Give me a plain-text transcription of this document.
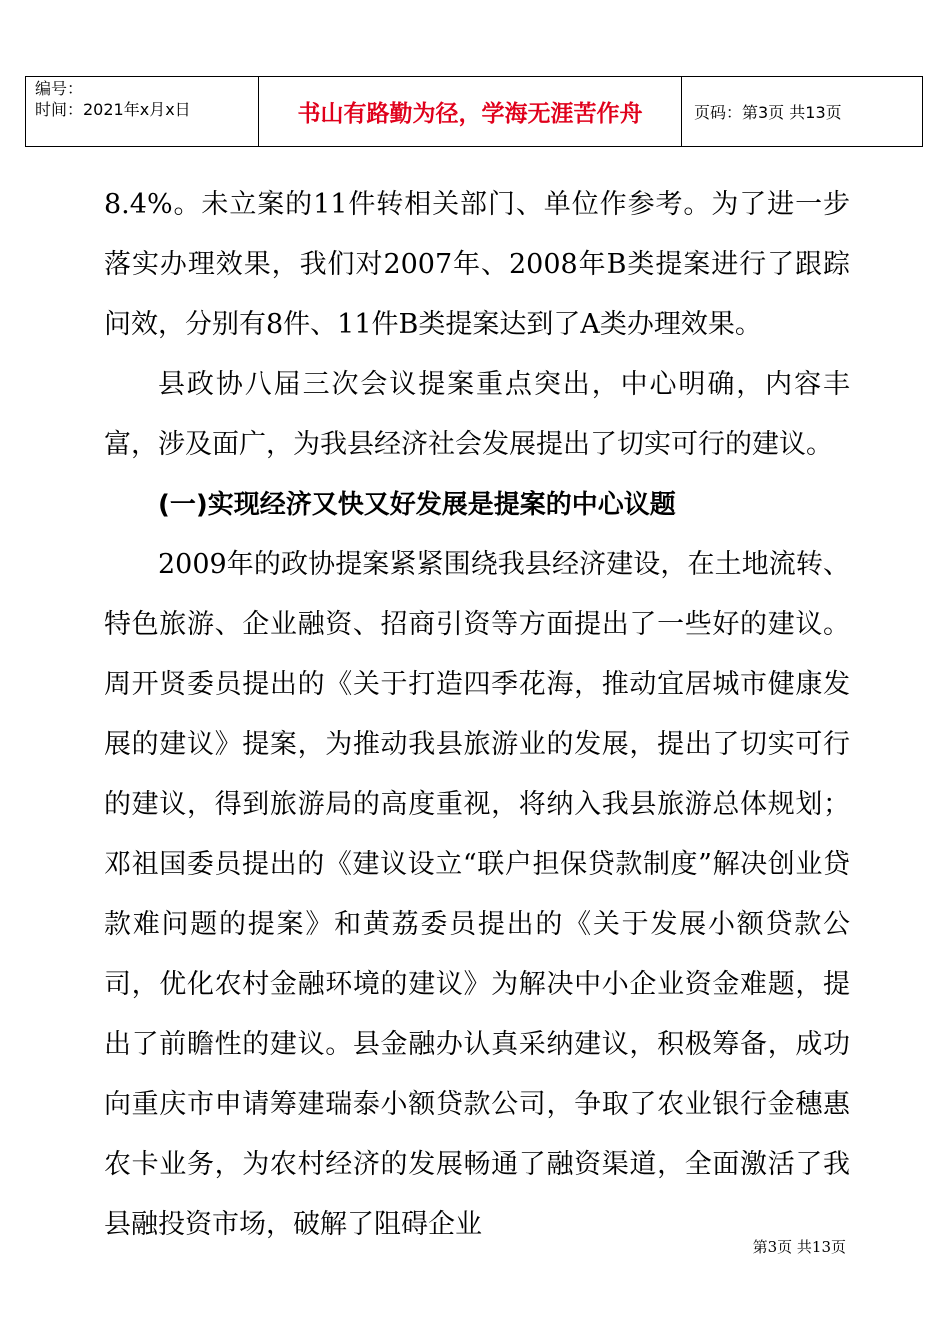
编号：
时间：2021年x月x日	书山有路勤为径，学海无涯苦作舟	页码：第3页 共13页

8.4%。未立案的11件转相关部门、单位作参考。为了进一步落实办理效果，我们对2007年、2008年B类提案进行了跟踪问效，分别有8件、11件B类提案达到了A类办理效果。

县政协八届三次会议提案重点突出，中心明确，内容丰富，涉及面广，为我县经济社会发展提出了切实可行的建议。

(一)实现经济又快又好发展是提案的中心议题

2009年的政协提案紧紧围绕我县经济建设，在土地流转、特色旅游、企业融资、招商引资等方面提出了一些好的建议。周开贤委员提出的《关于打造四季花海，推动宜居城市健康发展的建议》提案，为推动我县旅游业的发展，提出了切实可行的建议，得到旅游局的高度重视，将纳入我县旅游总体规划；邓祖国委员提出的《建议设立“联户担保贷款制度”解决创业贷款难问题的提案》和黄荔委员提出的《关于发展小额贷款公司，优化农村金融环境的建议》为解决中小企业资金难题，提出了前瞻性的建议。县金融办认真采纳建议，积极筹备，成功向重庆市申请筹建瑞泰小额贷款公司，争取了农业银行金穗惠农卡业务，为农村经济的发展畅通了融资渠道，全面激活了我县融投资市场，破解了阻碍企业

第3页 共13页
